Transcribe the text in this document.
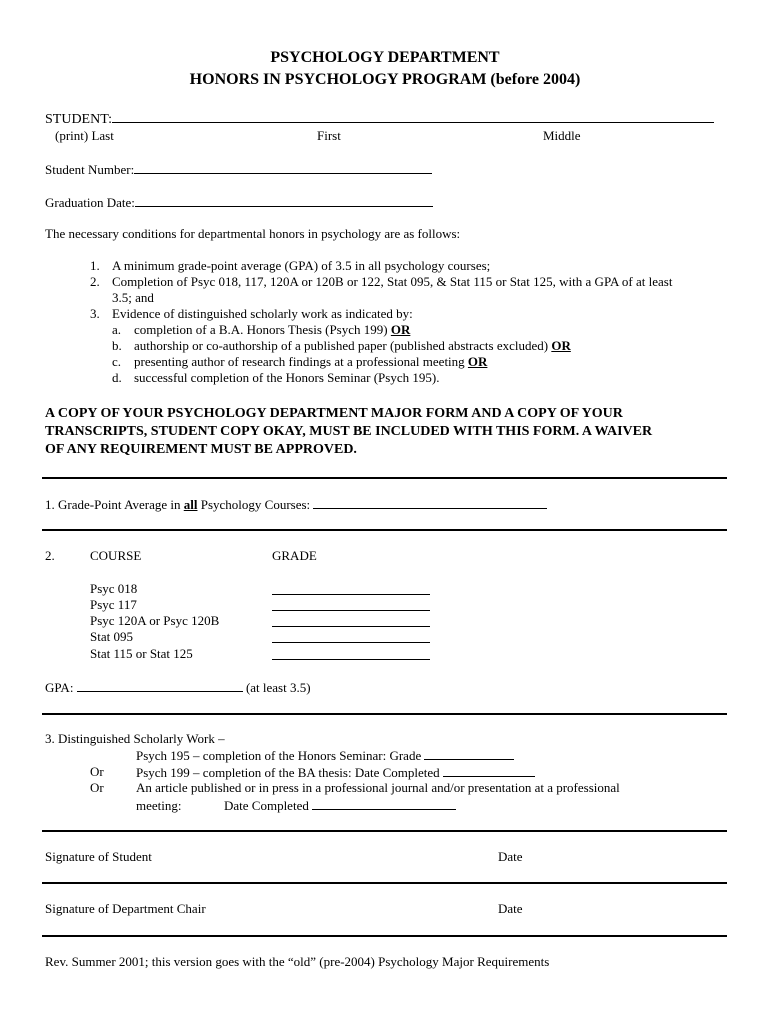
PSYCHOLOGY DEPARTMENT
HONORS IN PSYCHOLOGY PROGRAM (before 2004)
STUDENT:
(print) Last	First	Middle
Student Number:
Graduation Date:
The necessary conditions for departmental honors in psychology are as follows:
1. A minimum grade-point average (GPA) of 3.5 in all psychology courses;
2. Completion of Psyc 018, 117, 120A or 120B or 122, Stat 095, & Stat 115 or Stat 125, with a GPA of at least
3.5; and
3. Evidence of distinguished scholarly work as indicated by:
a. completion of a B.A. Honors Thesis (Psych 199) OR
b. authorship or co-authorship of a published paper (published abstracts excluded) OR
c. presenting author of research findings at a professional meeting OR
d. successful completion of the Honors Seminar (Psych 195).
A COPY OF YOUR PSYCHOLOGY DEPARTMENT MAJOR FORM AND A COPY OF YOUR
TRANSCRIPTS, STUDENT COPY OKAY, MUST BE INCLUDED WITH THIS FORM. A WAIVER
OF ANY REQUIREMENT MUST BE APPROVED.
1. Grade-Point Average in all Psychology Courses:
2.	COURSE	GRADE
Psyc 018
Psyc 117
Psyc 120A or Psyc 120B
Stat 095
Stat 115 or Stat 125
GPA:	(at least 3.5)
3. Distinguished Scholarly Work –
Psych 195 – completion of the Honors Seminar: Grade
Or Psych 199 – completion of the BA thesis: Date Completed
Or An article published or in press in a professional journal and/or presentation at a professional
meeting:	Date Completed
Signature of Student	Date
Signature of Department Chair	Date
Rev. Summer 2001; this version goes with the “old” (pre-2004) Psychology Major Requirements
